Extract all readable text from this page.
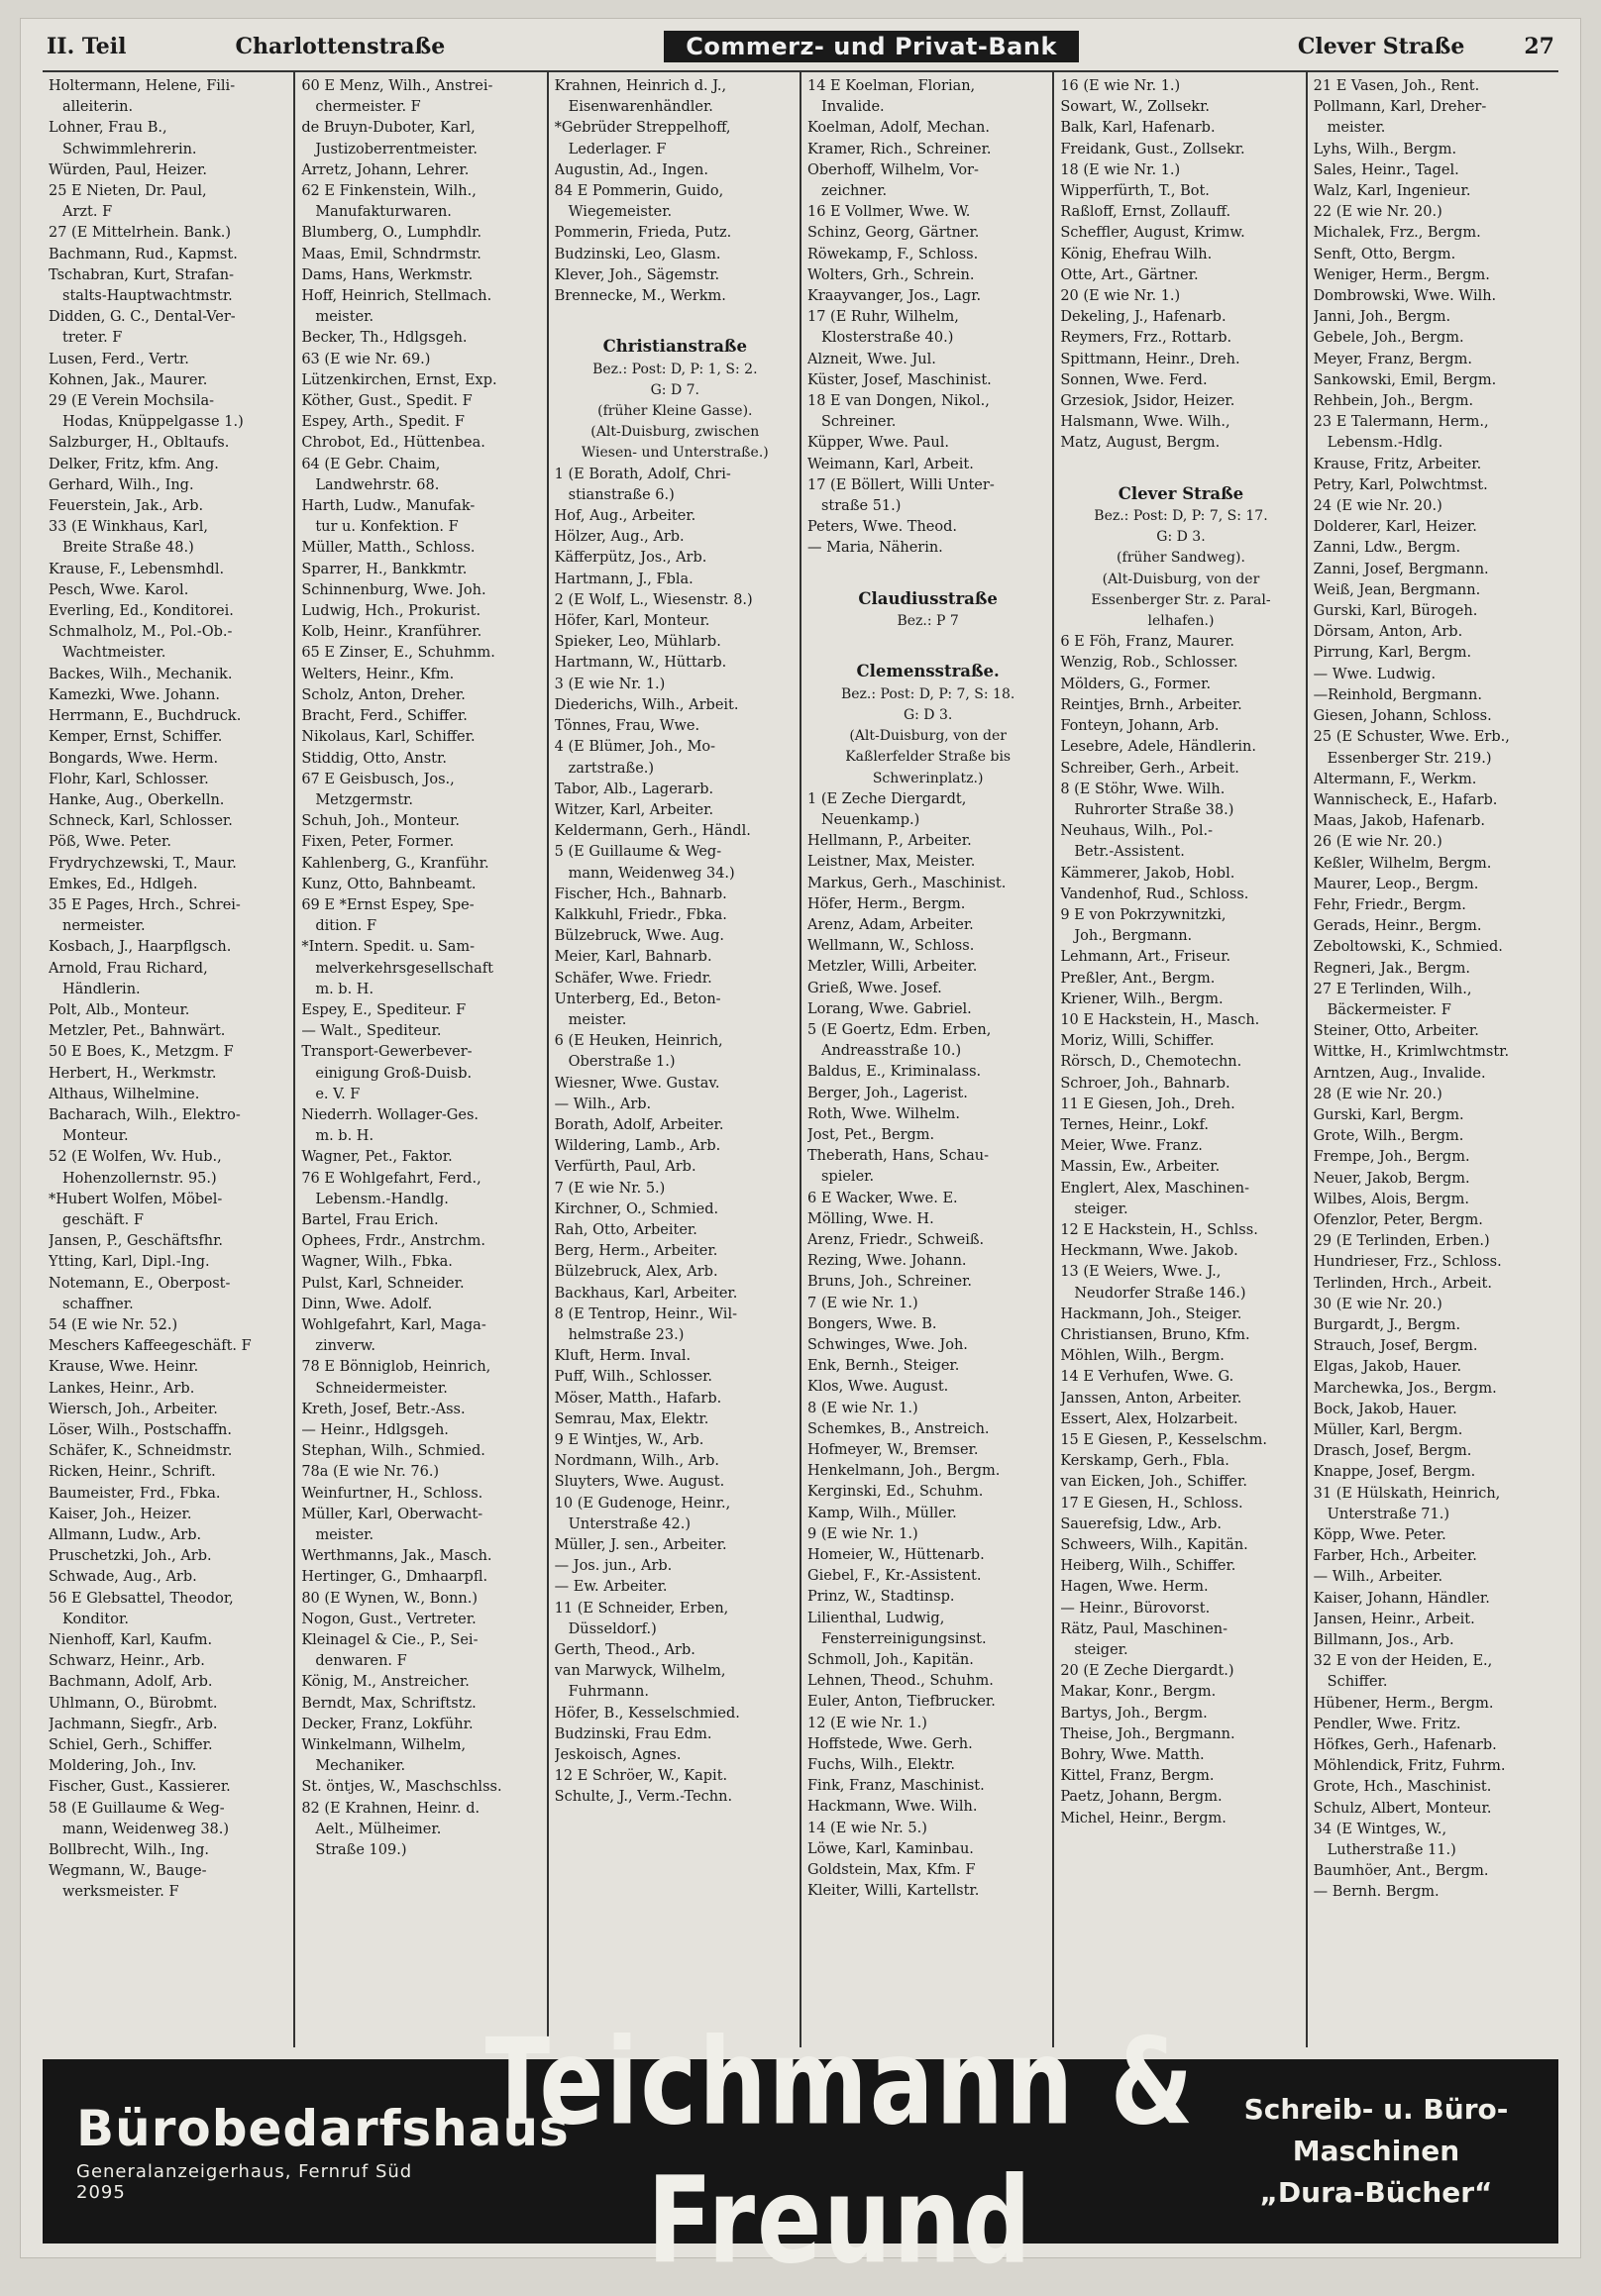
II. Teil	Charlottenstraße	Commerz- und Privat-Bank	Clever Straße	27
Holtermann, Helene, Fili-
alleiterin.
Lohner, Frau B.,
Schwimmlehrerin.
Würden, Paul, Heizer.
25 E Nieten, Dr. Paul,
Arzt. F
27 (E Mittelrhein. Bank.)
Bachmann, Rud., Kapmst.
Tschabran, Kurt, Strafan-
stalts-Hauptwachtmstr.
Didden, G. C., Dental-Ver-
treter. F
Lusen, Ferd., Vertr.
Kohnen, Jak., Maurer.
29 (E Verein Mochsila-
Hodas, Knüppelgasse 1.)
Salzburger, H., Obltaufs.
Delker, Fritz, kfm. Ang.
Gerhard, Wilh., Ing.
Feuerstein, Jak., Arb.
33 (E Winkhaus, Karl,
Breite Straße 48.)
Krause, F., Lebensmhdl.
Pesch, Wwe. Karol.
Everling, Ed., Konditorei.
Schmalholz, M., Pol.-Ob.-
Wachtmeister.
Backes, Wilh., Mechanik.
Kamezki, Wwe. Johann.
Herrmann, E., Buchdruck.
Kemper, Ernst, Schiffer.
Bongards, Wwe. Herm.
Flohr, Karl, Schlosser.
Hanke, Aug., Oberkelln.
Schneck, Karl, Schlosser.
Pöß, Wwe. Peter.
Frydrychzewski, T., Maur.
Emkes, Ed., Hdlgeh.
35 E Pages, Hrch., Schrei-
nermeister.
Kosbach, J., Haarpflgsch.
Arnold, Frau Richard,
Händlerin.
Polt, Alb., Monteur.
Metzler, Pet., Bahnwärt.
50 E Boes, K., Metzgm. F
Herbert, H., Werkmstr.
Althaus, Wilhelmine.
Bacharach, Wilh., Elektro-
Monteur.
52 (E Wolfen, Wv. Hub.,
Hohenzollernstr. 95.)
*Hubert Wolfen, Möbel-
geschäft. F
Jansen, P., Geschäftsfhr.
Ytting, Karl, Dipl.-Ing.
Notemann, E., Oberpost-
schaffner.
54 (E wie Nr. 52.)
Meschers Kaffeegeschäft. F
Krause, Wwe. Heinr.
Lankes, Heinr., Arb.
Wiersch, Joh., Arbeiter.
Löser, Wilh., Postschaffn.
Schäfer, K., Schneidmstr.
Ricken, Heinr., Schrift.
Baumeister, Frd., Fbka.
Kaiser, Joh., Heizer.
Allmann, Ludw., Arb.
Pruschetzki, Joh., Arb.
Schwade, Aug., Arb.
56 E Glebsattel, Theodor,
Konditor.
Nienhoff, Karl, Kaufm.
Schwarz, Heinr., Arb.
Bachmann, Adolf, Arb.
Uhlmann, O., Bürobmt.
Jachmann, Siegfr., Arb.
Schiel, Gerh., Schiffer.
Moldering, Joh., Inv.
Fischer, Gust., Kassierer.
58 (E Guillaume & Weg-
mann, Weidenweg 38.)
Bollbrecht, Wilh., Ing.
Wegmann, W., Bauge-
werksmeister. F
60 E Menz, Wilh., Anstrei-
chermeister. F
de Bruyn-Duboter, Karl,
Justizoberrentmeister.
Arretz, Johann, Lehrer.
62 E Finkenstein, Wilh.,
Manufakturwaren.
Blumberg, O., Lumphdlr.
Maas, Emil, Schndrmstr.
Dams, Hans, Werkmstr.
Hoff, Heinrich, Stellmach.
meister.
Becker, Th., Hdlgsgeh.
63 (E wie Nr. 69.)
Lützenkirchen, Ernst, Exp.
Köther, Gust., Spedit. F
Espey, Arth., Spedit. F
Chrobot, Ed., Hüttenbea.
64 (E Gebr. Chaim,
Landwehrstr. 68.
Harth, Ludw., Manufak-
tur u. Konfektion. F
Müller, Matth., Schloss.
Sparrer, H., Bankkmtr.
Schinnenburg, Wwe. Joh.
Ludwig, Hch., Prokurist.
Kolb, Heinr., Kranführer.
65 E Zinser, E., Schuhmm.
Welters, Heinr., Kfm.
Scholz, Anton, Dreher.
Bracht, Ferd., Schiffer.
Nikolaus, Karl, Schiffer.
Stiddig, Otto, Anstr.
67 E Geisbusch, Jos.,
Metzgermstr.
Schuh, Joh., Monteur.
Fixen, Peter, Former.
Kahlenberg, G., Kranführ.
Kunz, Otto, Bahnbeamt.
69 E *Ernst Espey, Spe-
dition. F
*Intern. Spedit. u. Sam-
melverkehrsgesellschaft
m. b. H.
Espey, E., Spediteur. F
— Walt., Spediteur.
Transport-Gewerbever-
einigung Groß-Duisb.
e. V. F
Niederrh. Wollager-Ges.
m. b. H.
Wagner, Pet., Faktor.
76 E Wohlgefahrt, Ferd.,
Lebensm.-Handlg.
Bartel, Frau Erich.
Ophees, Frdr., Anstrchm.
Wagner, Wilh., Fbka.
Pulst, Karl, Schneider.
Dinn, Wwe. Adolf.
Wohlgefahrt, Karl, Maga-
zinverw.
78 E Bönniglob, Heinrich,
Schneidermeister.
Kreth, Josef, Betr.-Ass.
— Heinr., Hdlgsgeh.
Stephan, Wilh., Schmied.
78a (E wie Nr. 76.)
Weinfurtner, H., Schloss.
Müller, Karl, Oberwacht-
meister.
Werthmanns, Jak., Masch.
Hertinger, G., Dmhaarpfl.
80 (E Wynen, W., Bonn.)
Nogon, Gust., Vertreter.
Kleinagel & Cie., P., Sei-
denwaren. F
König, M., Anstreicher.
Berndt, Max, Schriftstz.
Decker, Franz, Lokführ.
Winkelmann, Wilhelm,
Mechaniker.
St. öntjes, W., Maschschlss.
82 (E Krahnen, Heinr. d.
Aelt., Mülheimer.
Straße 109.)
Krahnen, Heinrich d. J.,
Eisenwarenhändler.
*Gebrüder Streppelhoff,
Lederlager. F
Augustin, Ad., Ingen.
84 E Pommerin, Guido,
Wiegemeister.
Pommerin, Frieda, Putz.
Budzinski, Leo, Glasm.
Klever, Joh., Sägemstr.
Brennecke, M., Werkm.

Christianstraße
Bez.: Post: D, P: 1, S: 2.
G: D 7.
(früher Kleine Gasse).
(Alt-Duisburg, zwischen
Wiesen- und Unterstraße.)
1 (E Borath, Adolf, Chri-
stianstraße 6.)
Hof, Aug., Arbeiter.
Hölzer, Aug., Arb.
Käfferpütz, Jos., Arb.
Hartmann, J., Fbla.
2 (E Wolf, L., Wiesenstr. 8.)
Höfer, Karl, Monteur.
Spieker, Leo, Mühlarb.
Hartmann, W., Hüttarb.
3 (E wie Nr. 1.)
Diederichs, Wilh., Arbeit.
Tönnes, Frau, Wwe.
4 (E Blümer, Joh., Mo-
zartstraße.)
Tabor, Alb., Lagerarb.
Witzer, Karl, Arbeiter.
Keldermann, Gerh., Händl.
5 (E Guillaume & Weg-
mann, Weidenweg 34.)
Fischer, Hch., Bahnarb.
Kalkkuhl, Friedr., Fbka.
Bülzebruck, Wwe. Aug.
Meier, Karl, Bahnarb.
Schäfer, Wwe. Friedr.
Unterberg, Ed., Beton-
meister.
6 (E Heuken, Heinrich,
Oberstraße 1.)
Wiesner, Wwe. Gustav.
— Wilh., Arb.
Borath, Adolf, Arbeiter.
Wildering, Lamb., Arb.
Verfürth, Paul, Arb.
7 (E wie Nr. 5.)
Kirchner, O., Schmied.
Rah, Otto, Arbeiter.
Berg, Herm., Arbeiter.
Bülzebruck, Alex, Arb.
Backhaus, Karl, Arbeiter.
8 (E Tentrop, Heinr., Wil-
helmstraße 23.)
Kluft, Herm. Inval.
Puff, Wilh., Schlosser.
Möser, Matth., Hafarb.
Semrau, Max, Elektr.
9 E Wintjes, W., Arb.
Nordmann, Wilh., Arb.
Sluyters, Wwe. August.
10 (E Gudenoge, Heinr.,
Unterstraße 42.)
Müller, J. sen., Arbeiter.
— Jos. jun., Arb.
— Ew. Arbeiter.
11 (E Schneider, Erben,
Düsseldorf.)
Gerth, Theod., Arb.
van Marwyck, Wilhelm,
Fuhrmann.
Höfer, B., Kesselschmied.
Budzinski, Frau Edm.
Jeskoisch, Agnes.
12 E Schröer, W., Kapit.
Schulte, J., Verm.-Techn.
14 E Koelman, Florian,
Invalide.
Koelman, Adolf, Mechan.
Kramer, Rich., Schreiner.
Oberhoff, Wilhelm, Vor-
zeichner.
16 E Vollmer, Wwe. W.
Schinz, Georg, Gärtner.
Röwekamp, F., Schloss.
Wolters, Grh., Schrein.
Kraayvanger, Jos., Lagr.
17 (E Ruhr, Wilhelm,
Klosterstraße 40.)
Alzneit, Wwe. Jul.
Küster, Josef, Maschinist.
18 E van Dongen, Nikol.,
Schreiner.
Küpper, Wwe. Paul.
Weimann, Karl, Arbeit.
17 (E Böllert, Willi Unter-
straße 51.)
Peters, Wwe. Theod.
— Maria, Näherin.

Claudiusstraße
Bez.: P 7

Clemensstraße.
Bez.: Post: D, P: 7, S: 18.
G: D 3.
(Alt-Duisburg, von der
Kaßlerfelder Straße bis
Schwerinplatz.)
1 (E Zeche Diergardt,
Neuenkamp.)
Hellmann, P., Arbeiter.
Leistner, Max, Meister.
Markus, Gerh., Maschinist.
Höfer, Herm., Bergm.
Arenz, Adam, Arbeiter.
Wellmann, W., Schloss.
Metzler, Willi, Arbeiter.
Grieß, Wwe. Josef.
Lorang, Wwe. Gabriel.
5 (E Goertz, Edm. Erben,
Andreasstraße 10.)
Baldus, E., Kriminalass.
Berger, Joh., Lagerist.
Roth, Wwe. Wilhelm.
Jost, Pet., Bergm.
Theberath, Hans, Schau-
spieler.
6 E Wacker, Wwe. E.
Mölling, Wwe. H.
Arenz, Friedr., Schweiß.
Rezing, Wwe. Johann.
Bruns, Joh., Schreiner.
7 (E wie Nr. 1.)
Bongers, Wwe. B.
Schwinges, Wwe. Joh.
Enk, Bernh., Steiger.
Klos, Wwe. August.
8 (E wie Nr. 1.)
Schemkes, B., Anstreich.
Hofmeyer, W., Bremser.
Henkelmann, Joh., Bergm.
Kerginski, Ed., Schuhm.
Kamp, Wilh., Müller.
9 (E wie Nr. 1.)
Homeier, W., Hüttenarb.
Giebel, F., Kr.-Assistent.
Prinz, W., Stadtinsp.
Lilienthal, Ludwig,
Fensterreinigungsinst.
Schmoll, Joh., Kapitän.
Lehnen, Theod., Schuhm.
Euler, Anton, Tiefbrucker.
12 (E wie Nr. 1.)
Hoffstede, Wwe. Gerh.
Fuchs, Wilh., Elektr.
Fink, Franz, Maschinist.
Hackmann, Wwe. Wilh.
14 (E wie Nr. 5.)
Löwe, Karl, Kaminbau.
Goldstein, Max, Kfm. F
Kleiter, Willi, Kartellstr.
16 (E wie Nr. 1.)
Sowart, W., Zollsekr.
Balk, Karl, Hafenarb.
Freidank, Gust., Zollsekr.
18 (E wie Nr. 1.)
Wipperfürth, T., Bot.
Raßloff, Ernst, Zollauff.
Scheffler, August, Krimw.
König, Ehefrau Wilh.
Otte, Art., Gärtner.
20 (E wie Nr. 1.)
Dekeling, J., Hafenarb.
Reymers, Frz., Rottarb.
Spittmann, Heinr., Dreh.
Sonnen, Wwe. Ferd.
Grzesiok, Jsidor, Heizer.
Halsmann, Wwe. Wilh.,
Matz, August, Bergm.

Clever Straße
Bez.: Post: D, P: 7, S: 17.
G: D 3.
(früher Sandweg).
(Alt-Duisburg, von der
Essenberger Str. z. Paral-
lelhafen.)
6 E Föh, Franz, Maurer.
Wenzig, Rob., Schlosser.
Mölders, G., Former.
Reintjes, Brnh., Arbeiter.
Fonteyn, Johann, Arb.
Lesebre, Adele, Händlerin.
Schreiber, Gerh., Arbeit.
8 (E Stöhr, Wwe. Wilh.
Ruhrorter Straße 38.)
Neuhaus, Wilh., Pol.-
Betr.-Assistent.
Kämmerer, Jakob, Hobl.
Vandenhof, Rud., Schloss.
9 E von Pokrzywnitzki,
Joh., Bergmann.
Lehmann, Art., Friseur.
Preßler, Ant., Bergm.
Kriener, Wilh., Bergm.
10 E Hackstein, H., Masch.
Moriz, Willi, Schiffer.
Rörsch, D., Chemotechn.
Schroer, Joh., Bahnarb.
11 E Giesen, Joh., Dreh.
Ternes, Heinr., Lokf.
Meier, Wwe. Franz.
Massin, Ew., Arbeiter.
Englert, Alex, Maschinen-
steiger.
12 E Hackstein, H., Schlss.
Heckmann, Wwe. Jakob.
13 (E Weiers, Wwe. J.,
Neudorfer Straße 146.)
Hackmann, Joh., Steiger.
Christiansen, Bruno, Kfm.
Möhlen, Wilh., Bergm.
14 E Verhufen, Wwe. G.
Janssen, Anton, Arbeiter.
Essert, Alex, Holzarbeit.
15 E Giesen, P., Kesselschm.
Kerskamp, Gerh., Fbla.
van Eicken, Joh., Schiffer.
17 E Giesen, H., Schloss.
Sauerefsig, Ldw., Arb.
Schweers, Wilh., Kapitän.
Heiberg, Wilh., Schiffer.
Hagen, Wwe. Herm.
— Heinr., Bürovorst.
Rätz, Paul, Maschinen-
steiger.
20 (E Zeche Diergardt.)
Makar, Konr., Bergm.
Bartys, Joh., Bergm.
Theise, Joh., Bergmann.
Bohry, Wwe. Matth.
Kittel, Franz, Bergm.
Paetz, Johann, Bergm.
Michel, Heinr., Bergm.
21 E Vasen, Joh., Rent.
Pollmann, Karl, Dreher-
meister.
Lyhs, Wilh., Bergm.
Sales, Heinr., Tagel.
Walz, Karl, Ingenieur.
22 (E wie Nr. 20.)
Michalek, Frz., Bergm.
Senft, Otto, Bergm.
Weniger, Herm., Bergm.
Dombrowski, Wwe. Wilh.
Janni, Joh., Bergm.
Gebele, Joh., Bergm.
Meyer, Franz, Bergm.
Sankowski, Emil, Bergm.
Rehbein, Joh., Bergm.
23 E Talermann, Herm.,
Lebensm.-Hdlg.
Krause, Fritz, Arbeiter.
Petry, Karl, Polwchtmst.
24 (E wie Nr. 20.)
Dolderer, Karl, Heizer.
Zanni, Ldw., Bergm.
Zanni, Josef, Bergmann.
Weiß, Jean, Bergmann.
Gurski, Karl, Bürogeh.
Dörsam, Anton, Arb.
Pirrung, Karl, Bergm.
— Wwe. Ludwig.
—Reinhold, Bergmann.
Giesen, Johann, Schloss.
25 (E Schuster, Wwe. Erb.,
Essenberger Str. 219.)
Altermann, F., Werkm.
Wannischeck, E., Hafarb.
Maas, Jakob, Hafenarb.
26 (E wie Nr. 20.)
Keßler, Wilhelm, Bergm.
Maurer, Leop., Bergm.
Fehr, Friedr., Bergm.
Gerads, Heinr., Bergm.
Zeboltowski, K., Schmied.
Regneri, Jak., Bergm.
27 E Terlinden, Wilh.,
Bäckermeister. F
Steiner, Otto, Arbeiter.
Wittke, H., Krimlwchtmstr.
Arntzen, Aug., Invalide.
28 (E wie Nr. 20.)
Gurski, Karl, Bergm.
Grote, Wilh., Bergm.
Frempe, Joh., Bergm.
Neuer, Jakob, Bergm.
Wilbes, Alois, Bergm.
Ofenzlor, Peter, Bergm.
29 (E Terlinden, Erben.)
Hundrieser, Frz., Schloss.
Terlinden, Hrch., Arbeit.
30 (E wie Nr. 20.)
Burgardt, J., Bergm.
Strauch, Josef, Bergm.
Elgas, Jakob, Hauer.
Marchewka, Jos., Bergm.
Bock, Jakob, Hauer.
Müller, Karl, Bergm.
Drasch, Josef, Bergm.
Knappe, Josef, Bergm.
31 (E Hülskath, Heinrich,
Unterstraße 71.)
Köpp, Wwe. Peter.
Farber, Hch., Arbeiter.
— Wilh., Arbeiter.
Kaiser, Johann, Händler.
Jansen, Heinr., Arbeit.
Billmann, Jos., Arb.
32 E von der Heiden, E.,
Schiffer.
Hübener, Herm., Bergm.
Pendler, Wwe. Fritz.
Höfkes, Gerh., Hafenarb.
Möhlendick, Fritz, Fuhrm.
Grote, Hch., Maschinist.
Schulz, Albert, Monteur.
34 (E Wintges, W.,
Lutherstraße 11.)
Baumhöer, Ant., Bergm.
— Bernh. Bergm.
Bürobedarfshaus
Generalanzeigerhaus, Fernruf Süd 2095
Teichmann & Freund
Schreib- u. Büro-
Maschinen
„Dura-Bücher“
